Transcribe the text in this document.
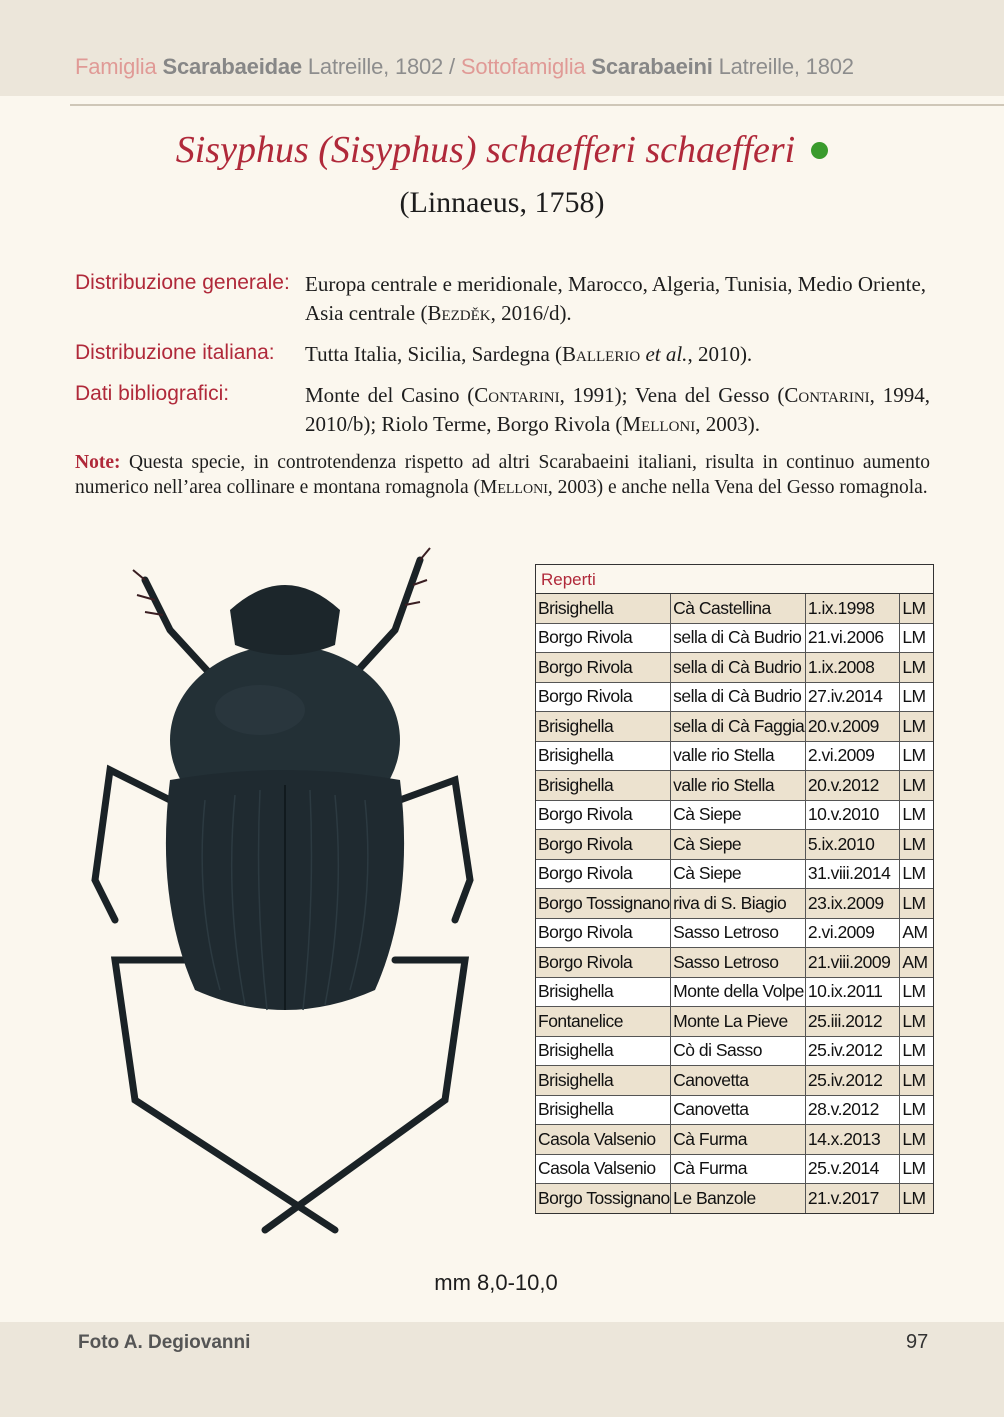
Famiglia Scarabaeidae Latreille, 1802 / Sottofamiglia Scarabaeini Latreille, 1802
Sisyphus (Sisyphus) schaefferi schaefferi
(Linnaeus, 1758)
Distribuzione generale: Europa centrale e meridionale, Marocco, Algeria, Tunisia, Medio Oriente, Asia centrale (Bezděk, 2016/d).
Distribuzione italiana: Tutta Italia, Sicilia, Sardegna (Ballerio et al., 2010).
Dati bibliografici:	Monte del Casino (Contarini, 1991); Vena del Gesso (Contarini, 1994, 2010/b); Riolo Terme, Borgo Rivola (Melloni, 2003).
Note: Questa specie, in controtendenza rispetto ad altri Scarabaeini italiani, risulta in continuo aumento numerico nell’area collinare e montana romagnola (Melloni, 2003) e anche nella Vena del Gesso romagnola.
Reperti
Brisighella	Cà Castellina	1.ix.1998	LM
Borgo Rivola	sella di Cà Budrio	21.vi.2006	LM
Borgo Rivola	sella di Cà Budrio	1.ix.2008	LM
Borgo Rivola	sella di Cà Budrio	27.iv.2014	LM
Brisighella	sella di Cà Faggia	20.v.2009	LM
Brisighella	valle rio Stella	2.vi.2009	LM
Brisighella	valle rio Stella	20.v.2012	LM
Borgo Rivola	Cà Siepe	10.v.2010	LM
Borgo Rivola	Cà Siepe	5.ix.2010	LM
Borgo Rivola	Cà Siepe	31.viii.2014	LM
Borgo Tossignano	riva di S. Biagio	23.ix.2009	LM
Borgo Rivola	Sasso Letroso	2.vi.2009	AM
Borgo Rivola	Sasso Letroso	21.viii.2009	AM
Brisighella	Monte della Volpe	10.ix.2011	LM
Fontanelice	Monte La Pieve	25.iii.2012	LM
Brisighella	Cò di Sasso	25.iv.2012	LM
Brisighella	Canovetta	25.iv.2012	LM
Brisighella	Canovetta	28.v.2012	LM
Casola Valsenio	Cà Furma	14.x.2013	LM
Casola Valsenio	Cà Furma	25.v.2014	LM
Borgo Tossignano	Le Banzole	21.v.2017	LM
mm 8,0-10,0
Foto A. Degiovanni	97
